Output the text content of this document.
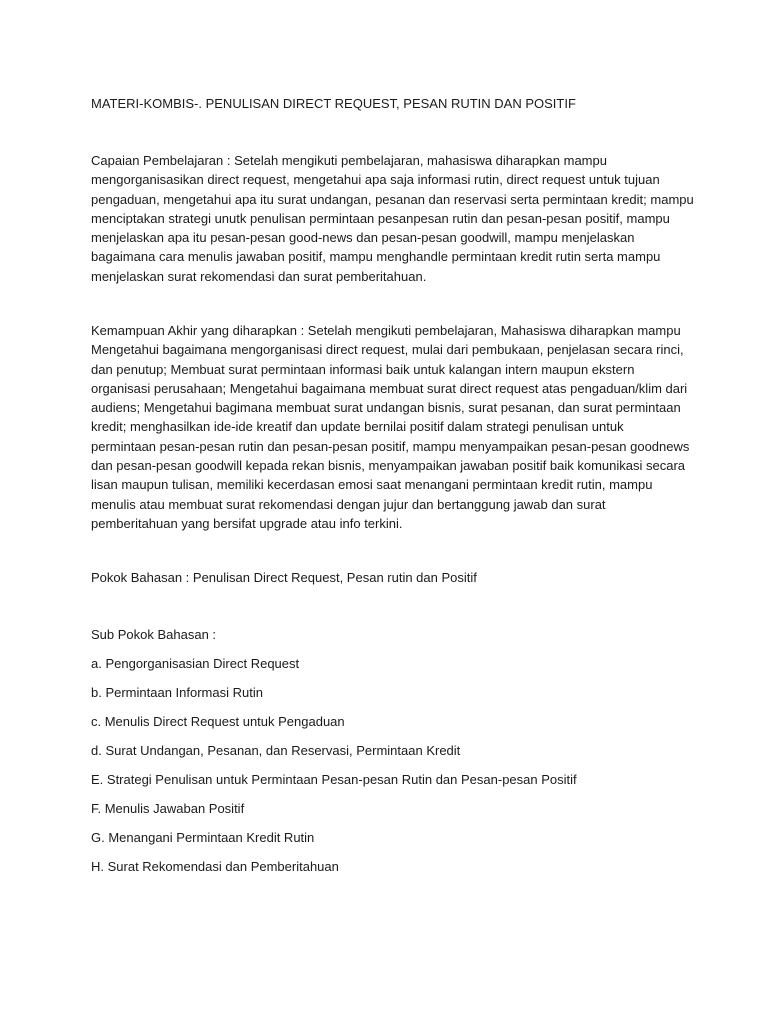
MATERI-KOMBIS-. PENULISAN DIRECT REQUEST, PESAN RUTIN DAN POSITIF
Capaian Pembelajaran : Setelah mengikuti pembelajaran, mahasiswa diharapkan mampu
mengorganisasikan direct request, mengetahui apa saja informasi rutin, direct request untuk tujuan
pengaduan, mengetahui apa itu surat undangan, pesanan dan reservasi serta permintaan kredit; mampu
menciptakan strategi unutk penulisan permintaan pesanpesan rutin dan pesan-pesan positif, mampu
menjelaskan apa itu pesan-pesan good-news dan pesan-pesan goodwill, mampu menjelaskan
bagaimana cara menulis jawaban positif, mampu menghandle permintaan kredit rutin serta mampu
menjelaskan surat rekomendasi dan surat pemberitahuan.
Kemampuan Akhir yang diharapkan : Setelah mengikuti pembelajaran, Mahasiswa diharapkan mampu
Mengetahui bagaimana mengorganisasi direct request, mulai dari pembukaan, penjelasan secara rinci,
dan penutup; Membuat surat permintaan informasi baik untuk kalangan intern maupun ekstern
organisasi perusahaan; Mengetahui bagaimana membuat surat direct request atas pengaduan/klim dari
audiens; Mengetahui bagimana membuat surat undangan bisnis, surat pesanan, dan surat permintaan
kredit; menghasilkan ide-ide kreatif dan update bernilai positif dalam strategi penulisan untuk
permintaan pesan-pesan rutin dan pesan-pesan positif, mampu menyampaikan pesan-pesan goodnews
dan pesan-pesan goodwill kepada rekan bisnis, menyampaikan jawaban positif baik komunikasi secara
lisan maupun tulisan, memiliki kecerdasan emosi saat menangani permintaan kredit rutin, mampu
menulis atau membuat surat rekomendasi dengan jujur dan bertanggung jawab dan surat
pemberitahuan yang bersifat upgrade atau info terkini.
Pokok Bahasan : Penulisan Direct Request, Pesan rutin dan Positif
Sub Pokok Bahasan :
a. Pengorganisasian Direct Request
b. Permintaan Informasi Rutin
c. Menulis Direct Request untuk Pengaduan
d. Surat Undangan, Pesanan, dan Reservasi, Permintaan Kredit
E. Strategi Penulisan untuk Permintaan Pesan-pesan Rutin dan Pesan-pesan Positif
F. Menulis Jawaban Positif
G. Menangani Permintaan Kredit Rutin
H. Surat Rekomendasi dan Pemberitahuan
